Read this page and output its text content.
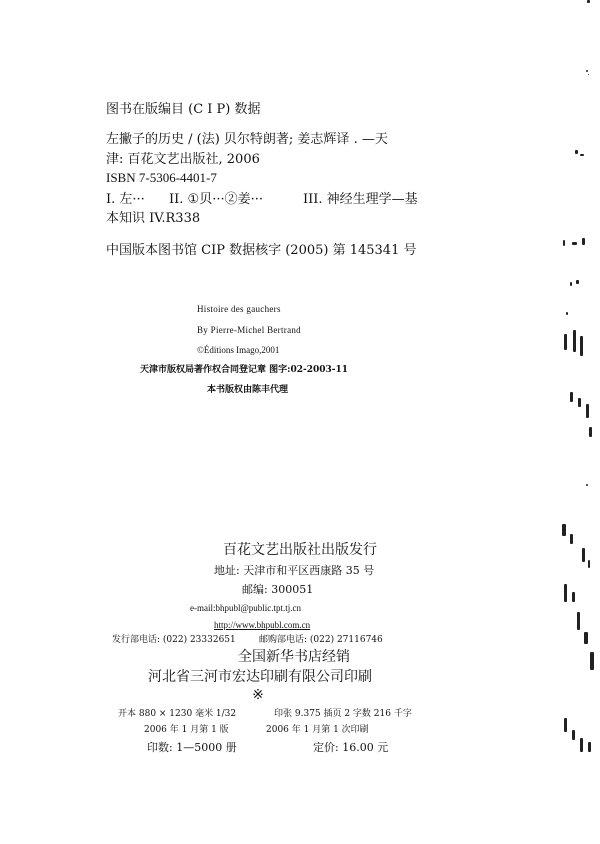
图书在版编目 (C I P) 数据
左撇子的历史 / (法) 贝尔特朗著; 姜志辉译 . —天
津: 百花文艺出版社, 2006
ISBN 7-5306-4401-7
I. 左··· II. ①贝···②姜···	III. 神经生理学—基
本知识 IV.R338
中国版本图书馆 CIP 数据核字 (2005) 第 145341 号
Histoire des gauchers
By Pierre-Michel Bertrand
©Éditions Imago,2001
天津市版权局著作权合同登记章 图字:02-2003-11
本书版权由陈丰代理
百花文艺出版社出版发行
地址: 天津市和平区西康路 35 号
邮编: 300051
e-mail:bhpubl@public.tpt.tj.cn
http://www.bhpubl.com.cn
发行部电话: (022) 23332651	邮购部电话: (022) 27116746
全国新华书店经销
河北省三河市宏达印刷有限公司印刷
※
开本 880 × 1230 毫米 1/32	印张 9.375 插页 2 字数 216 千字
2006 年 1 月第 1 版	2006 年 1 月第 1 次印刷
印数: 1—5000 册	定价: 16.00 元
